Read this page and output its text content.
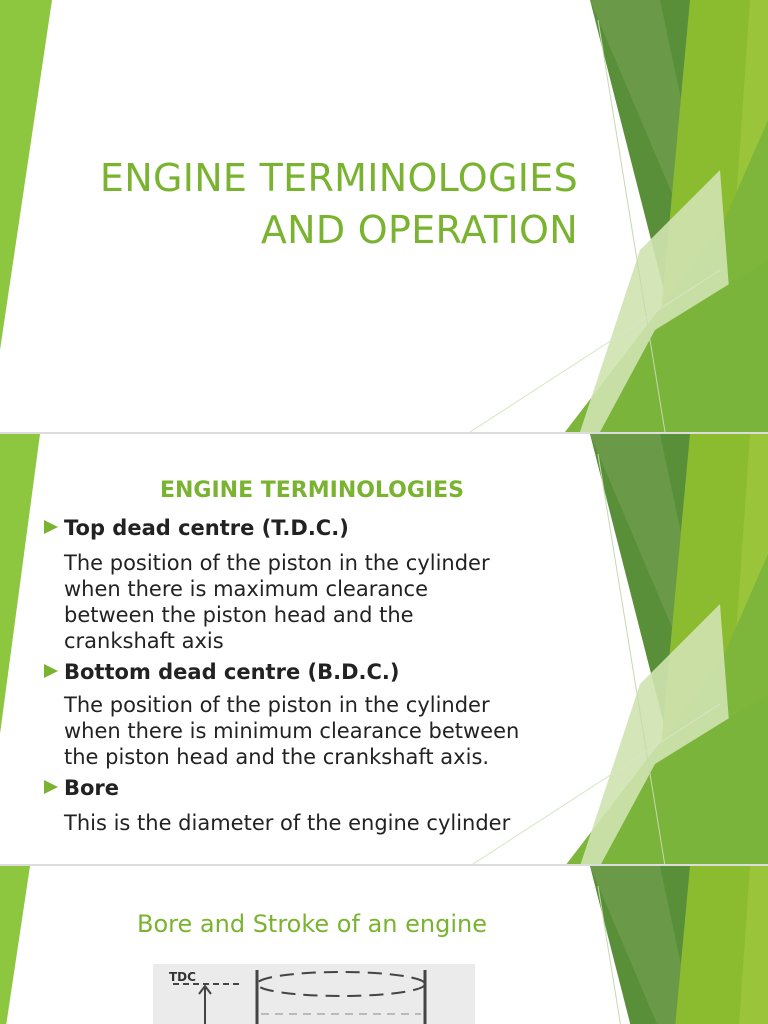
ENGINE TERMINOLOGIES
AND OPERATION
ENGINE TERMINOLOGIES
Top dead centre (T.D.C.)
The position of the piston in the cylinder
when there is maximum clearance
between the piston head and the
crankshaft axis
Bottom dead centre (B.D.C.)
The position of the piston in the cylinder
when there is minimum clearance between
the piston head and the crankshaft axis.
Bore
This is the diameter of the engine cylinder
Bore and Stroke of an engine
TDC
